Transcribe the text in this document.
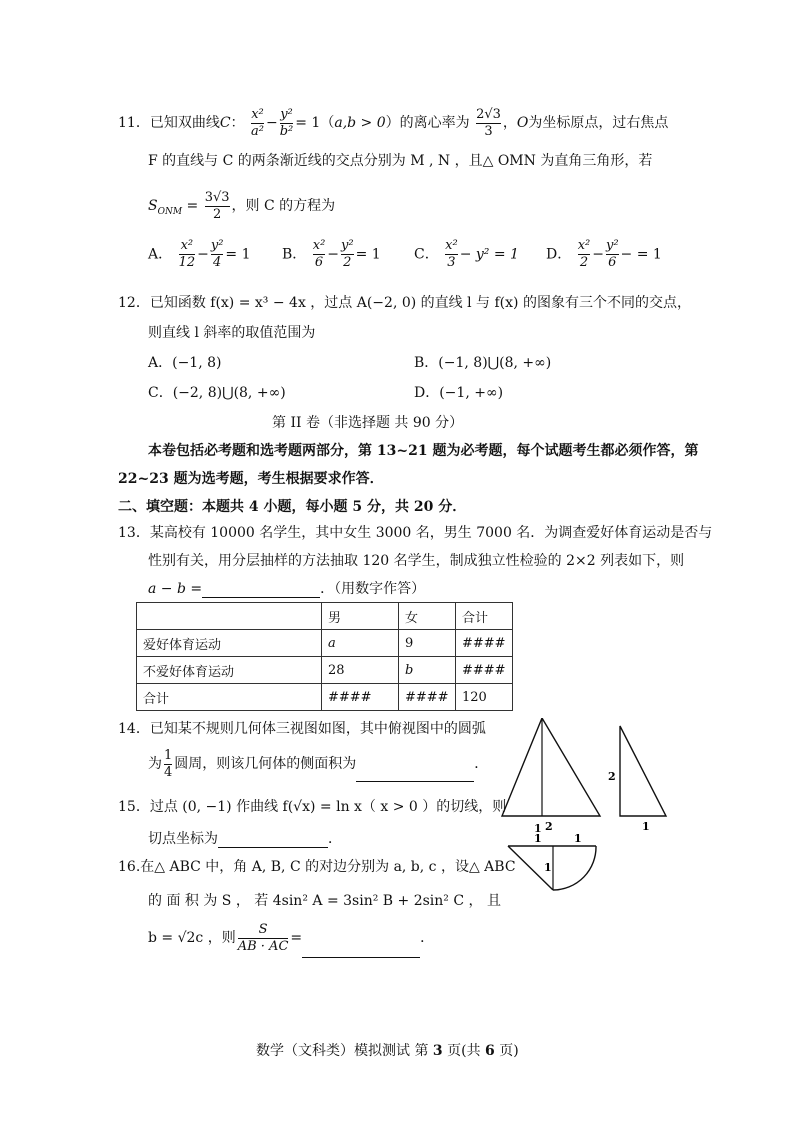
11．已知双曲线C： $\frac{\text{x²}}{\text{a²}} - \frac{\text{y²}}{\text{b²}} = 1(a,b > 0)$的离心率为 $\frac{2√3}{3}$ ，O为坐标原点，过右焦点
F 的直线与 C 的两条渐近线的交点分别为 M , N ，且△ OMN 为直角三角形，若
$S_{ONM} = \frac{3√3}{2}$ ，则 C 的方程为
A． $\frac{\text{x²}}{12} - \frac{\text{y²}}{4} = 1$ B． $\frac{\text{x²}}{6} - \frac{\text{y²}}{2} = 1$ C． $\frac{\text{x²}}{3} - y^2 = 1$ D． $\frac{\text{x²}}{2} - \frac{\text{y²}}{6}$ − = 1
12．已知函数 f(x) = x³ − 4x ，过点 A(−2, 0) 的直线 l 与 f(x) 的图象有三个不同的交点，
则直线 l 斜率的取值范围为
A．(−1, 8)	B．(−1, 8)⋃(8, +∞)
C．(−2, 8)⋃(8, +∞)	D．(−1, +∞)
第 II 卷（非选择题 共 90 分）
本卷包括必考题和选考题两部分，第 13~21 题为必考题，每个试题考生都必须作答，第
22~23 题为选考题，考生根据要求作答．
二、填空题：本题共 4 小题，每小题 5 分，共 20 分．
13．某高校有 10000 名学生，其中女生 3000 名，男生 7000 名．为调查爱好体育运动是否与
性别有关，用分层抽样的方法抽取 120 名学生，制成独立性检验的 2×2 列表如下，则
a − b =	．（用数字作答）
	男	女	合计
爱好体育运动	a	9	####
不爱好体育运动	28	b	####
合计	####	####	120
14．已知某不规则几何体三视图如图，其中俯视图中的圆弧
为 $\frac{1}{4}$ 圆周，则该几何体的侧面积为	．
15．过点 (0, −1) 作曲线 f(√x) = ln x（ x > 0 ）的切线，则
切点坐标为	．
16.在△ ABC 中，角 A, B, C 的对边分别为 a, b, c ，设△ ABC
的 面 积 为 S ， 若 4sin² A = 3sin² B + 2sin² C ， 且
b = √2c ，则 $\frac{S}{AB \cdot AC}$ =	．
2
1	1
1
2
1
1
数学（文科类）模拟测试 第 3 页(共 6 页)
